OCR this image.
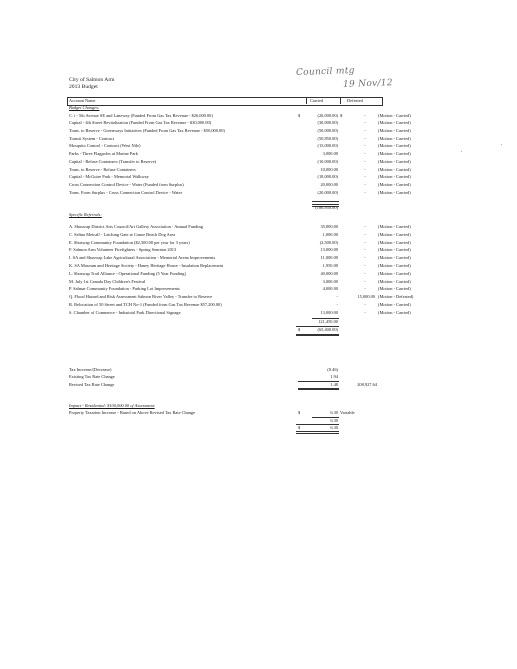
City of Salmon Arm
2013 Budget
Council mtg
19 Nov/12
Account Name	Carried	Defeated
Budget Changes:
C. i - 5th Avenue SE and Laneway (Funded From Gas Tax Revenue - $26,000.00)	$	(26,000.00) $	-	(Motion - Carried)
Capital - 4th Street Revitalization (Funded From Gas Tax Revenue - $30,000.00)	(30,000.00)	-	(Motion - Carried)
Trans. to Reserve - Greenways Initiatives (Funded From Gas Tax Revenue - $50,000.00)	(50,000.00)	-	(Motion - Carried)
Transit System - Contract	(50,850.00)	-	(Motion - Carried)
Mosquito Control - Contract (West Nile)	(15,000.00)	-	(Motion - Carried)
Parks - Three Flagpoles at Marine Park	3,000.00	-	(Motion - Carried)
Capital - Refuse Containers (Transfer to Reserve)	(10,000.00)	-	(Motion - Carried)
Trans. to Reserve - Refuse Containers	10,000.00	-	(Motion - Carried)
Capital - McGuire Park - Memorial Walkway	(18,000.00)	-	(Motion - Carried)
Cross Connection Control Device - Water (Funded from Surplus)	20,000.00	-	(Motion - Carried)
Trans. From Surplus - Cross Connection Control Device - Water	(20,000.00)	-	(Motion - Carried)
(186,850.00)
Specific Referrals:
A. Shuswap District Arts Council/Art Gallery Association - Annual Funding	35,000.00	-	(Motion - Carried)
C. Selina Metcalf - Latching Gate at Canoe Beach Dog Area	1,000.00	-	(Motion - Carried)
E. Shuswap Community Foundation ($2,500.00 per year for 3 years)	(2,500.00)	-	(Motion - Carried)
F. Salmon Arm Volunteer Firefighters - Spring Seminar 2013	13,000.00	-	(Motion - Carried)
I. SA and Shuswap Lake Agricultural Association - Memorial Arena Improvements	11,000.00	-	(Motion - Carried)
K. SA Museum and Heritage Society - Haney Heritage House - Insulation Replacement	1,950.00	-	(Motion - Carried)
L. Shuswap Trail Alliance - Operational Funding (5 Year Funding)	40,000.00	-	(Motion - Carried)
M. July 1st Canada Day Children's Festival	3,000.00	-	(Motion - Carried)
P. Salmar Community Foundation - Parking Lot Improvements	4,000.00	-	(Motion - Carried)
Q. Flood Hazard and Risk Assessment Salmon River Valley - Transfer to Reserve	-	15,000.00 (Motion - Defeated)
R. Relocation of 50 Street and TCH No-1 (Funded from Gas Tax Revenue $57,200.00)	-	-	(Motion - Carried)
S. Chamber of Commerce - Industrial Park Directional Signage	13,000.00	-	(Motion - Carried)
121,450.00
$	(65,400.00)
Tax Increase/(Decrease)	(0.46)
Existing Tax Rate Change	1.94
Revised Tax Rate Change	1.48	208,927.64
Impact - Residential: $100,000.00 of Assessment
Property Taxation Increase - Based on Above Revised Tax Rate Change	$	6.30 Variable
6.30
$	6.30
